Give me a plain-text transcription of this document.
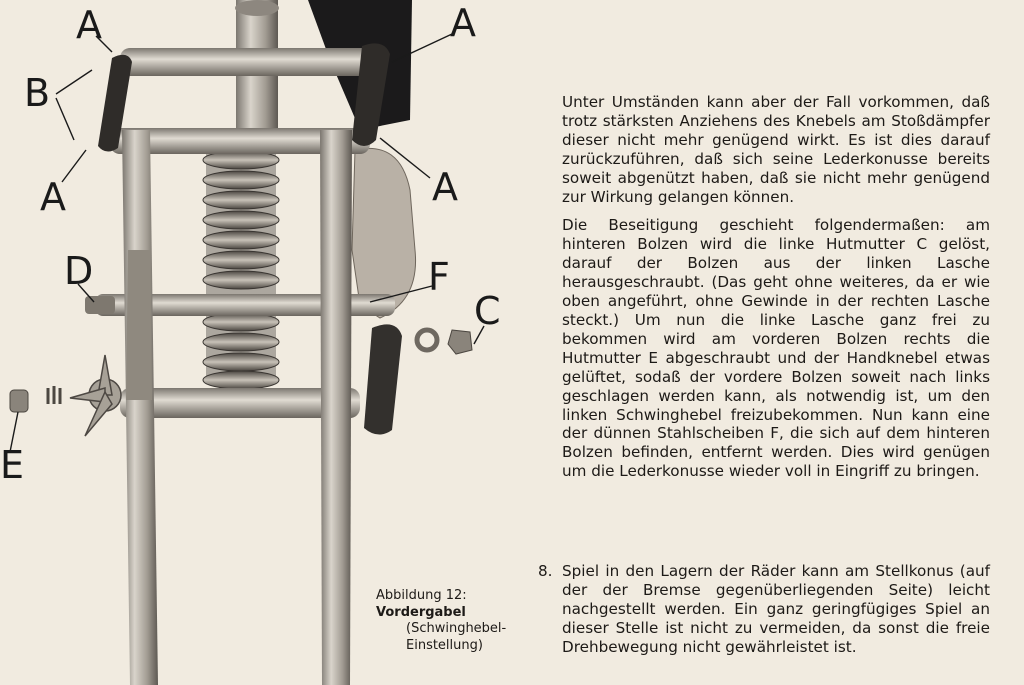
A	A
B
A	A
D	F
C
E
Abbildung 12:
Vordergabel
(Schwinghebel-
Einstellung)

Unter Umständen kann aber der Fall vorkommen, daß trotz stärksten Anziehens des Knebels am Stoßdämpfer dieser nicht mehr genügend wirkt. Es ist dies darauf zurückzuführen, daß sich seine Lederkonusse bereits soweit abgenützt haben, daß sie nicht mehr genügend zur Wirkung gelangen können.

Die Beseitigung geschieht folgendermaßen: am hinteren Bolzen wird die linke Hutmutter C gelöst, darauf der Bolzen aus der linken Lasche herausgeschraubt. (Das geht ohne weiteres, da er wie oben angeführt, ohne Gewinde in der rechten Lasche steckt.) Um nun die linke Lasche ganz frei zu bekommen wird am vorderen Bolzen rechts die Hutmutter E abgeschraubt und der Handknebel etwas gelüftet, sodaß der vordere Bolzen soweit nach links geschlagen werden kann, als notwendig ist, um den linken Schwinghebel freizubekommen. Nun kann eine der dünnen Stahlscheiben F, die sich auf dem hinteren Bolzen befinden, entfernt werden. Dies wird genügen um die Lederkonusse wieder voll in Eingriff zu bringen.

8. Spiel in den Lagern der Räder kann am Stellkonus (auf der der Bremse gegenüberliegenden Seite) leicht nachgestellt werden. Ein ganz geringfügiges Spiel an dieser Stelle ist nicht zu vermeiden, da sonst die freie Drehbewegung nicht gewährleistet ist.
